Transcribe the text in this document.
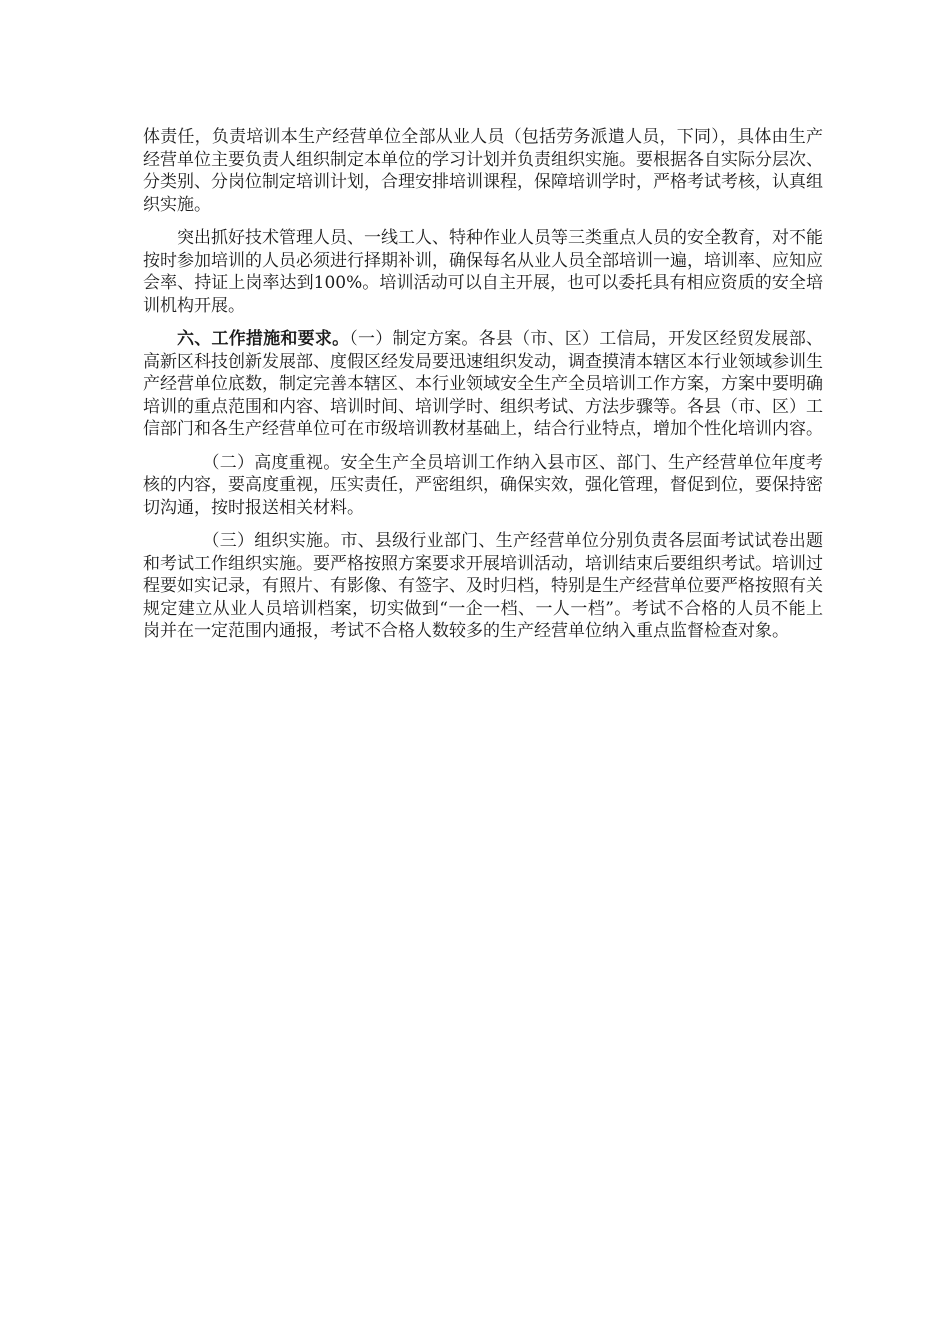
体责任，负责培训本生产经营单位全部从业人员（包括劳务派遣人员，下同），具体由生产经营单位主要负责人组织制定本单位的学习计划并负责组织实施。要根据各自实际分层次、分类别、分岗位制定培训计划，合理安排培训课程，保障培训学时，严格考试考核，认真组织实施。

突出抓好技术管理人员、一线工人、特种作业人员等三类重点人员的安全教育，对不能按时参加培训的人员必须进行择期补训，确保每名从业人员全部培训一遍，培训率、应知应会率、持证上岗率达到100%。培训活动可以自主开展，也可以委托具有相应资质的安全培训机构开展。

六、工作措施和要求。（一）制定方案。各县（市、区）工信局，开发区经贸发展部、高新区科技创新发展部、度假区经发局要迅速组织发动，调查摸清本辖区本行业领域参训生产经营单位底数，制定完善本辖区、本行业领域安全生产全员培训工作方案，方案中要明确培训的重点范围和内容、培训时间、培训学时、组织考试、方法步骤等。各县（市、区）工信部门和各生产经营单位可在市级培训教材基础上，结合行业特点，增加个性化培训内容。

（二）高度重视。安全生产全员培训工作纳入县市区、部门、生产经营单位年度考核的内容，要高度重视，压实责任，严密组织，确保实效，强化管理，督促到位，要保持密切沟通，按时报送相关材料。

（三）组织实施。市、县级行业部门、生产经营单位分别负责各层面考试试卷出题和考试工作组织实施。要严格按照方案要求开展培训活动，培训结束后要组织考试。培训过程要如实记录，有照片、有影像、有签字、及时归档，特别是生产经营单位要严格按照有关规定建立从业人员培训档案，切实做到“一企一档、一人一档”。考试不合格的人员不能上岗并在一定范围内通报，考试不合格人数较多的生产经营单位纳入重点监督检查对象。
